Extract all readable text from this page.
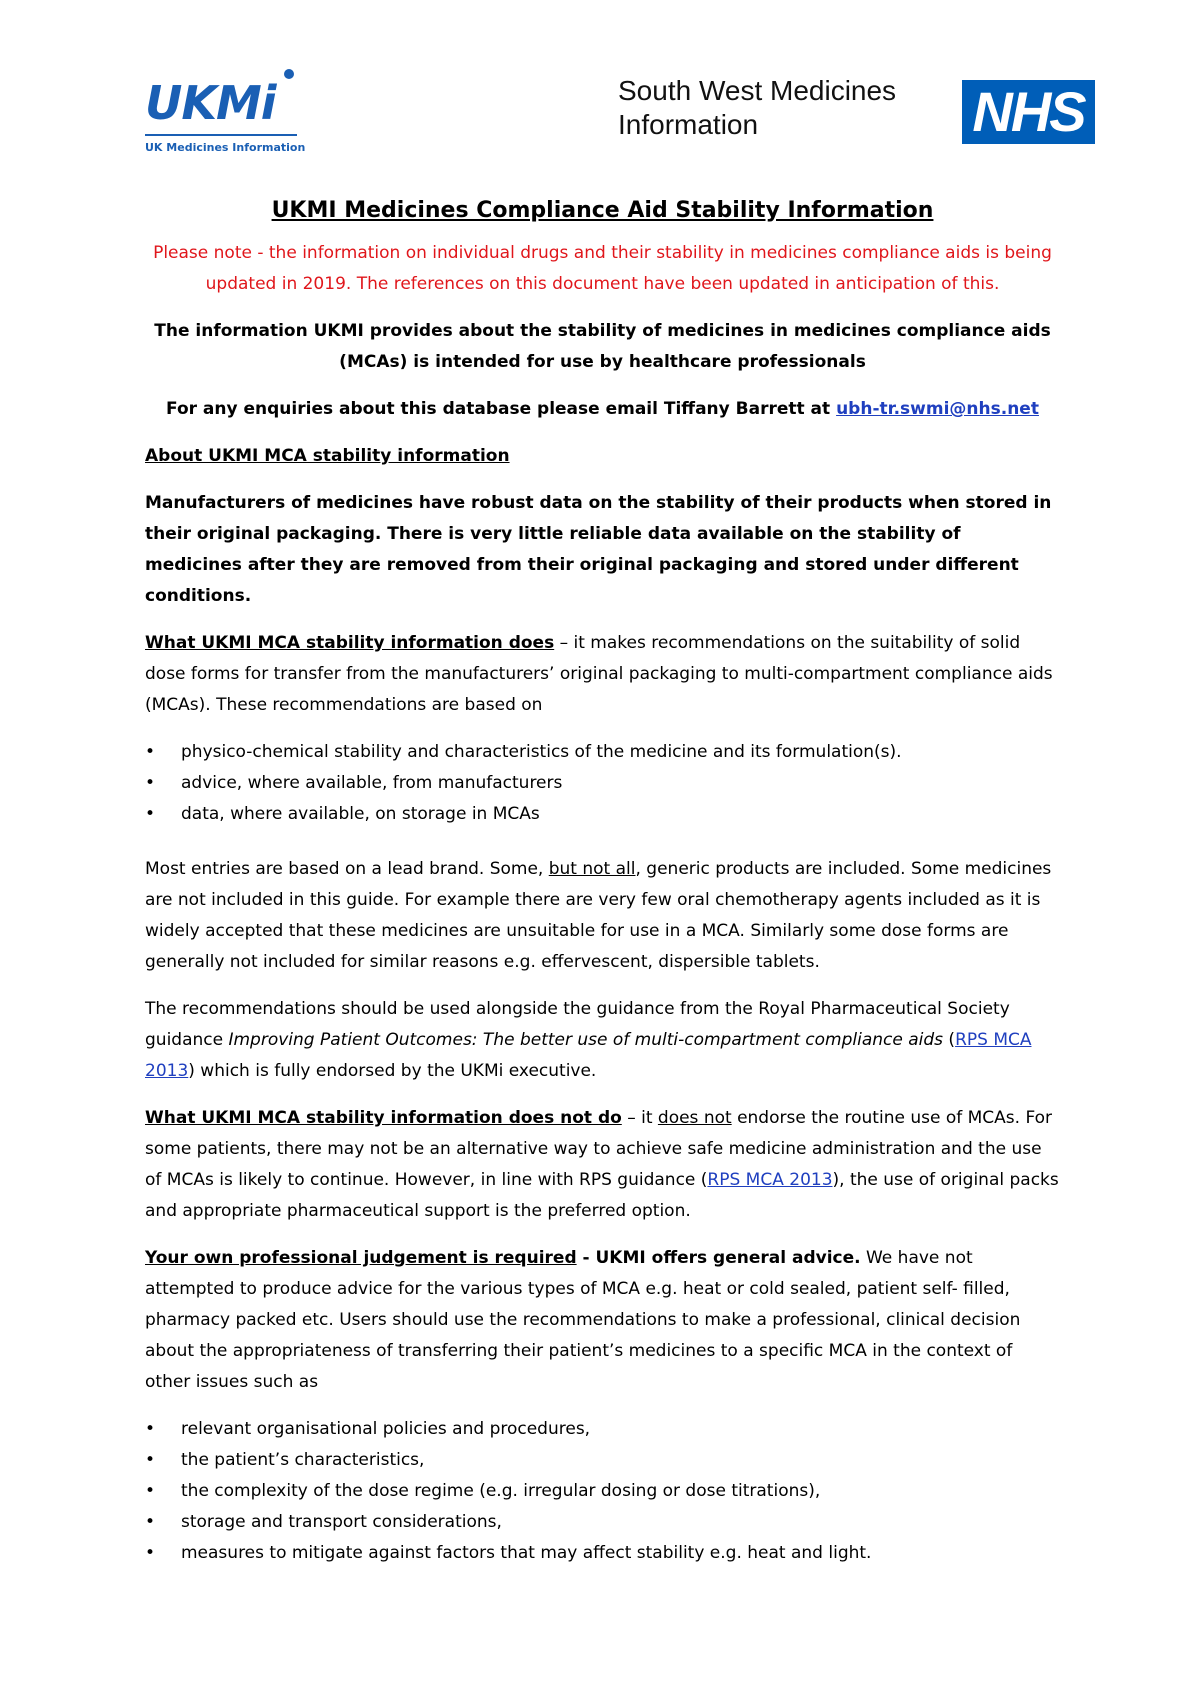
UKMi
UK Medicines Information
South West Medicines Information	NHS
UKMI Medicines Compliance Aid Stability Information

Please note - the information on individual drugs and their stability in medicines compliance aids is being updated in 2019. The references on this document have been updated in anticipation of this.

The information UKMI provides about the stability of medicines in medicines compliance aids (MCAs) is intended for use by healthcare professionals

For any enquiries about this database please email Tiffany Barrett at ubh-tr.swmi@nhs.net

About UKMI MCA stability information

Manufacturers of medicines have robust data on the stability of their products when stored in their original packaging. There is very little reliable data available on the stability of medicines after they are removed from their original packaging and stored under different conditions.

What UKMI MCA stability information does – it makes recommendations on the suitability of solid dose forms for transfer from the manufacturers’ original packaging to multi-compartment compliance aids (MCAs). These recommendations are based on

• physico-chemical stability and characteristics of the medicine and its formulation(s).
• advice, where available, from manufacturers
• data, where available, on storage in MCAs

Most entries are based on a lead brand. Some, but not all, generic products are included. Some medicines are not included in this guide. For example there are very few oral chemotherapy agents included as it is widely accepted that these medicines are unsuitable for use in a MCA. Similarly some dose forms are generally not included for similar reasons e.g. effervescent, dispersible tablets.

The recommendations should be used alongside the guidance from the Royal Pharmaceutical Society guidance Improving Patient Outcomes: The better use of multi-compartment compliance aids (RPS MCA 2013) which is fully endorsed by the UKMi executive.

What UKMI MCA stability information does not do – it does not endorse the routine use of MCAs. For some patients, there may not be an alternative way to achieve safe medicine administration and the use of MCAs is likely to continue. However, in line with RPS guidance (RPS MCA 2013), the use of original packs and appropriate pharmaceutical support is the preferred option.

Your own professional judgement is required - UKMI offers general advice. We have not attempted to produce advice for the various types of MCA e.g. heat or cold sealed, patient self- filled, pharmacy packed etc. Users should use the recommendations to make a professional, clinical decision about the appropriateness of transferring their patient’s medicines to a specific MCA in the context of other issues such as

• relevant organisational policies and procedures,
• the patient’s characteristics,
• the complexity of the dose regime (e.g. irregular dosing or dose titrations),
• storage and transport considerations,
• measures to mitigate against factors that may affect stability e.g. heat and light.
